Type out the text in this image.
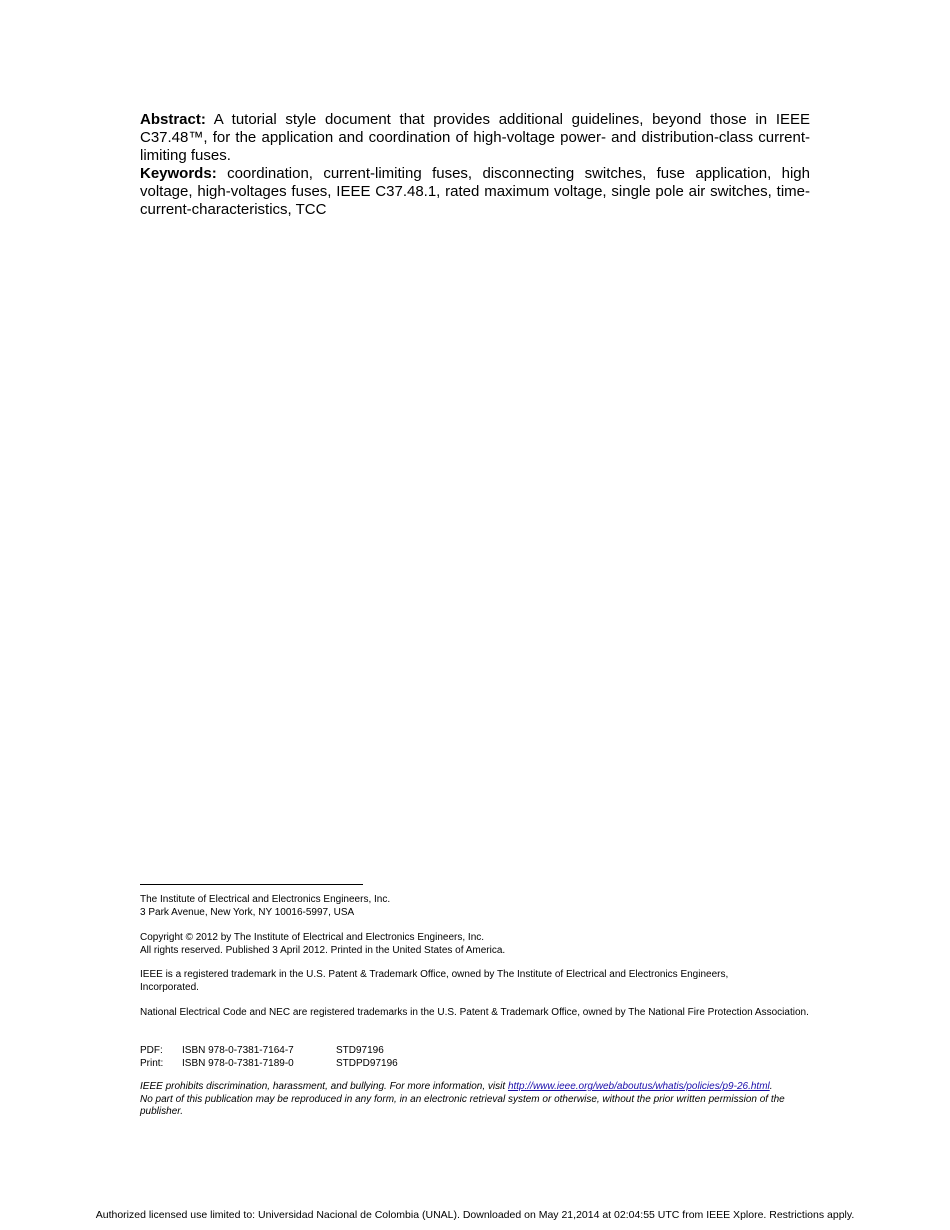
Abstract: A tutorial style document that provides additional guidelines, beyond those in IEEE C37.48™, for the application and coordination of high-voltage power- and distribution-class current-limiting fuses.

Keywords: coordination, current-limiting fuses, disconnecting switches, fuse application, high voltage, high-voltages fuses, IEEE C37.48.1, rated maximum voltage, single pole air switches, time-current-characteristics, TCC

The Institute of Electrical and Electronics Engineers, Inc.

3 Park Avenue, New York, NY 10016-5997, USA

Copyright © 2012 by The Institute of Electrical and Electronics Engineers, Inc.

All rights reserved. Published 3 April 2012. Printed in the United States of America.

IEEE is a registered trademark in the U.S. Patent & Trademark Office, owned by The Institute of Electrical and Electronics Engineers, Incorporated.

National Electrical Code and NEC are registered trademarks in the U.S. Patent & Trademark Office, owned by The National Fire Protection Association.

PDF:	ISBN 978-0-7381-7164-7	STD97196
Print:	ISBN 978-0-7381-7189-0	STDPD97196

IEEE prohibits discrimination, harassment, and bullying. For more information, visit http://www.ieee.org/web/aboutus/whatis/policies/p9-26.html.

No part of this publication may be reproduced in any form, in an electronic retrieval system or otherwise, without the prior written permission of the publisher.

Authorized licensed use limited to: Universidad Nacional de Colombia (UNAL). Downloaded on May 21,2014 at 02:04:55 UTC from IEEE Xplore. Restrictions apply.
